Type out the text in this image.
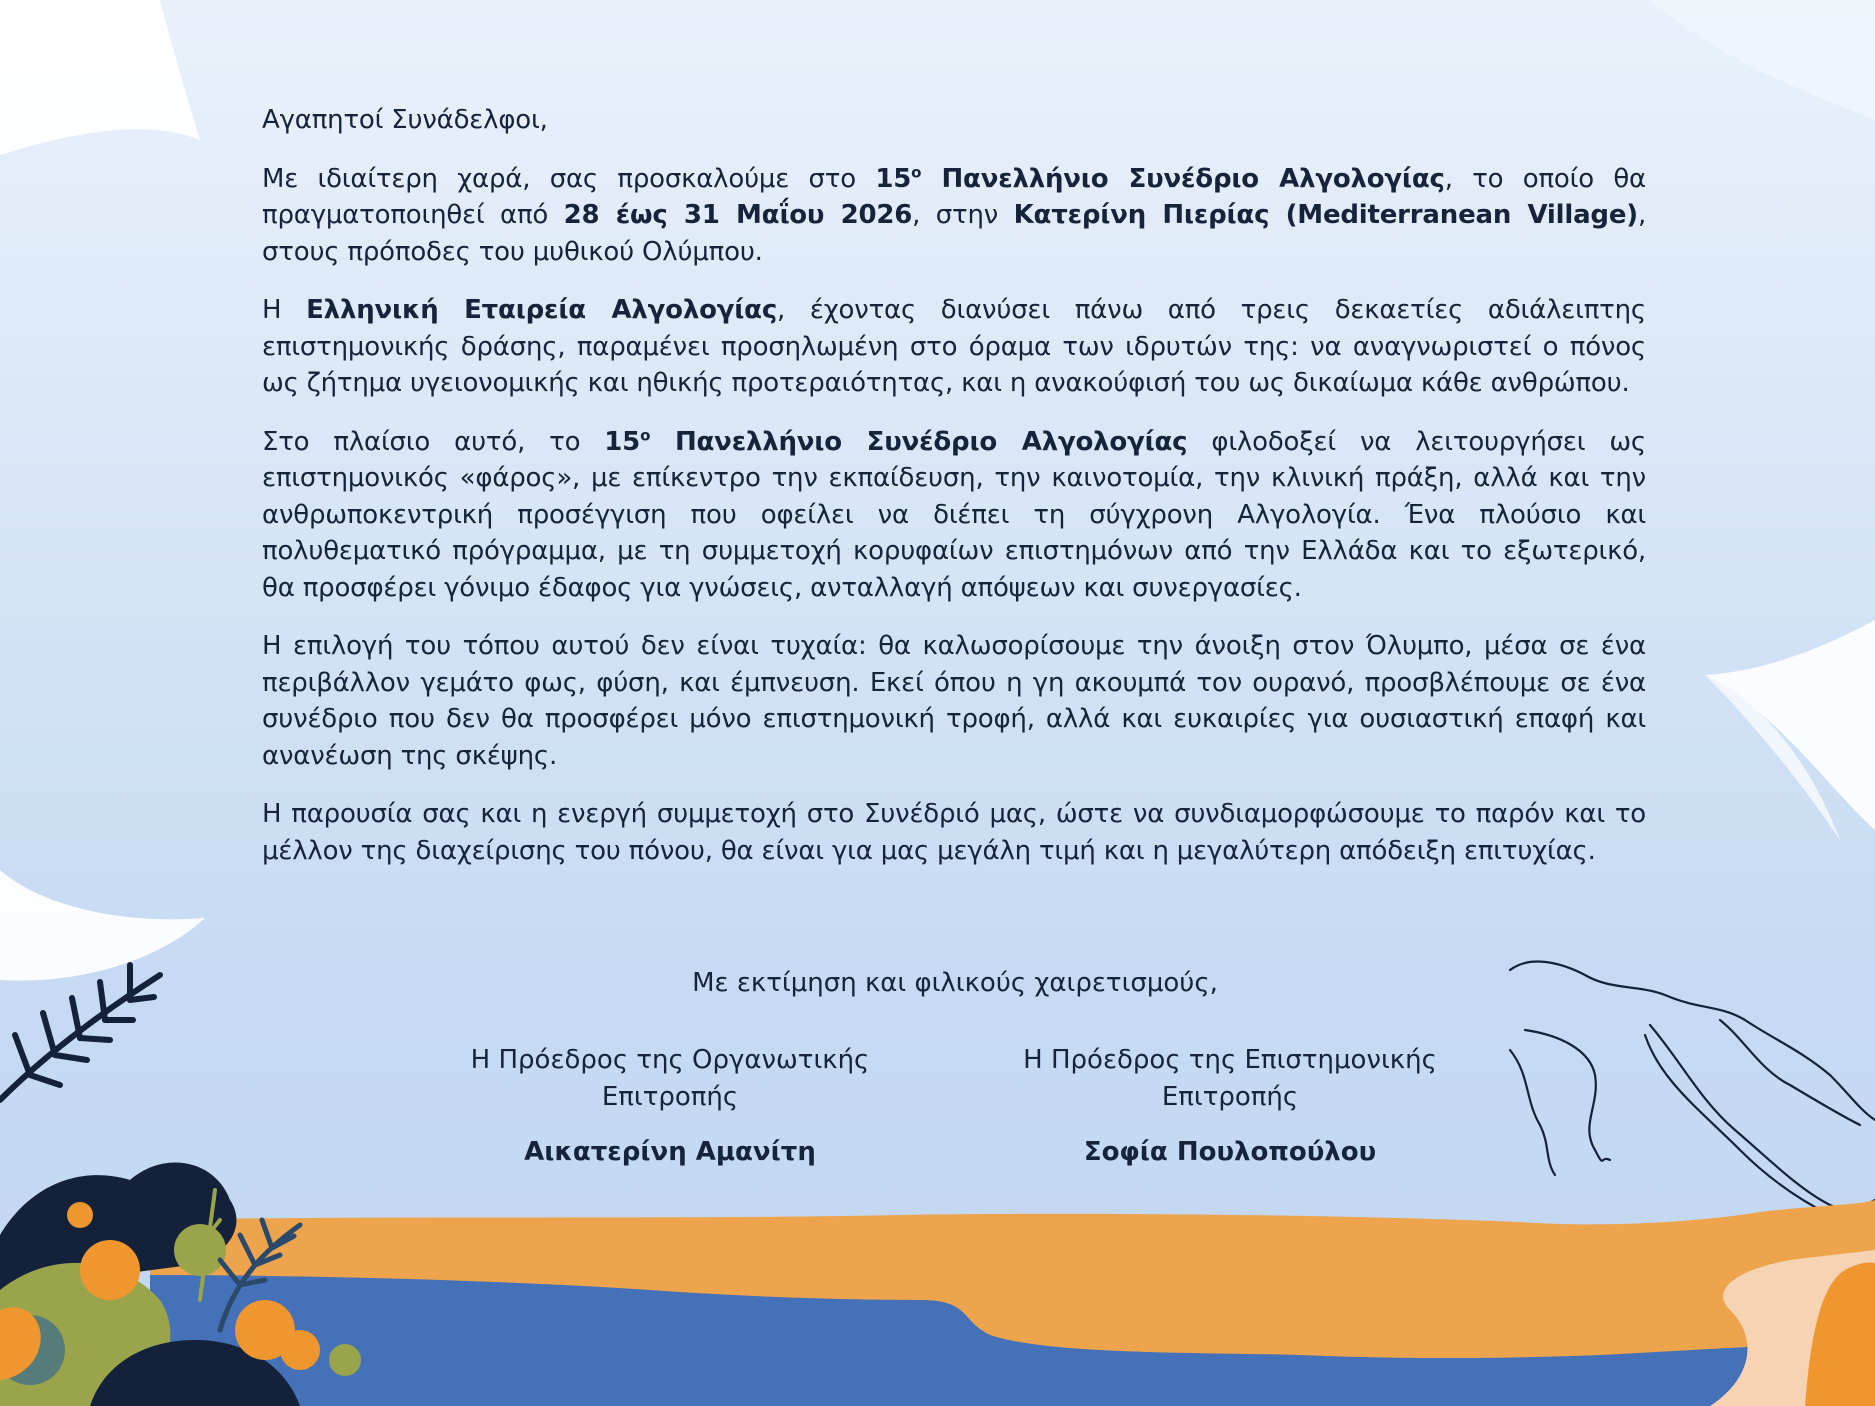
Αγαπητοί Συνάδελφοι,

Με ιδιαίτερη χαρά, σας προσκαλούμε στο $15^o$ Πανελλήνιο Συνέδριο Αλγολογίας, το οποίο θα πραγματοποιηθεί από 28 έως 31 Μαΐου 2026, στην Κατερίνη Πιερίας (Mediterranean Village), στους πρόποδες του μυθικού Ολύμπου.

Η Ελληνική Εταιρεία Αλγολογίας, έχοντας διανύσει πάνω από τρεις δεκαετίες αδιάλειπτης επιστημονικής δράσης, παραμένει προσηλωμένη στο όραμα των ιδρυτών της: να αναγνωριστεί ο πόνος ως ζήτημα υγειονομικής και ηθικής προτεραιότητας, και η ανακούφισή του ως δικαίωμα κάθε ανθρώπου.

Στο πλαίσιο αυτό, το $15^o$ Πανελλήνιο Συνέδριο Αλγολογίας φιλοδοξεί να λειτουργήσει ως επιστημονικός «φάρος», με επίκεντρο την εκπαίδευση, την καινοτομία, την κλινική πράξη, αλλά και την ανθρωποκεντρική προσέγγιση που οφείλει να διέπει τη σύγχρονη Αλγολογία. Ένα πλούσιο και πολυθεματικό πρόγραμμα, με τη συμμετοχή κορυφαίων επιστημόνων από την Ελλάδα και το εξωτερικό, θα προσφέρει γόνιμο έδαφος για γνώσεις, ανταλλαγή απόψεων και συνεργασίες.

Η επιλογή του τόπου αυτού δεν είναι τυχαία: θα καλωσορίσουμε την άνοιξη στον Όλυμπο, μέσα σε ένα περιβάλλον γεμάτο φως, φύση, και έμπνευση. Εκεί όπου η γη ακουμπά τον ουρανό, προσβλέπουμε σε ένα συνέδριο που δεν θα προσφέρει μόνο επιστημονική τροφή, αλλά και ευκαιρίες για ουσιαστική επαφή και ανανέωση της σκέψης.

Η παρουσία σας και η ενεργή συμμετοχή στο Συνέδριό μας, ώστε να συνδιαμορφώσουμε το παρόν και το μέλλον της διαχείρισης του πόνου, θα είναι για μας μεγάλη τιμή και η μεγαλύτερη απόδειξη επιτυχίας.

Με εκτίμηση και φιλικούς χαιρετισμούς,
Η Πρόεδρος της Οργανωτικής Επιτροπής
Αικατερίνη Αμανίτη
Η Πρόεδρος της Επιστημονικής Επιτροπής
Σοφία Πουλοπούλου
